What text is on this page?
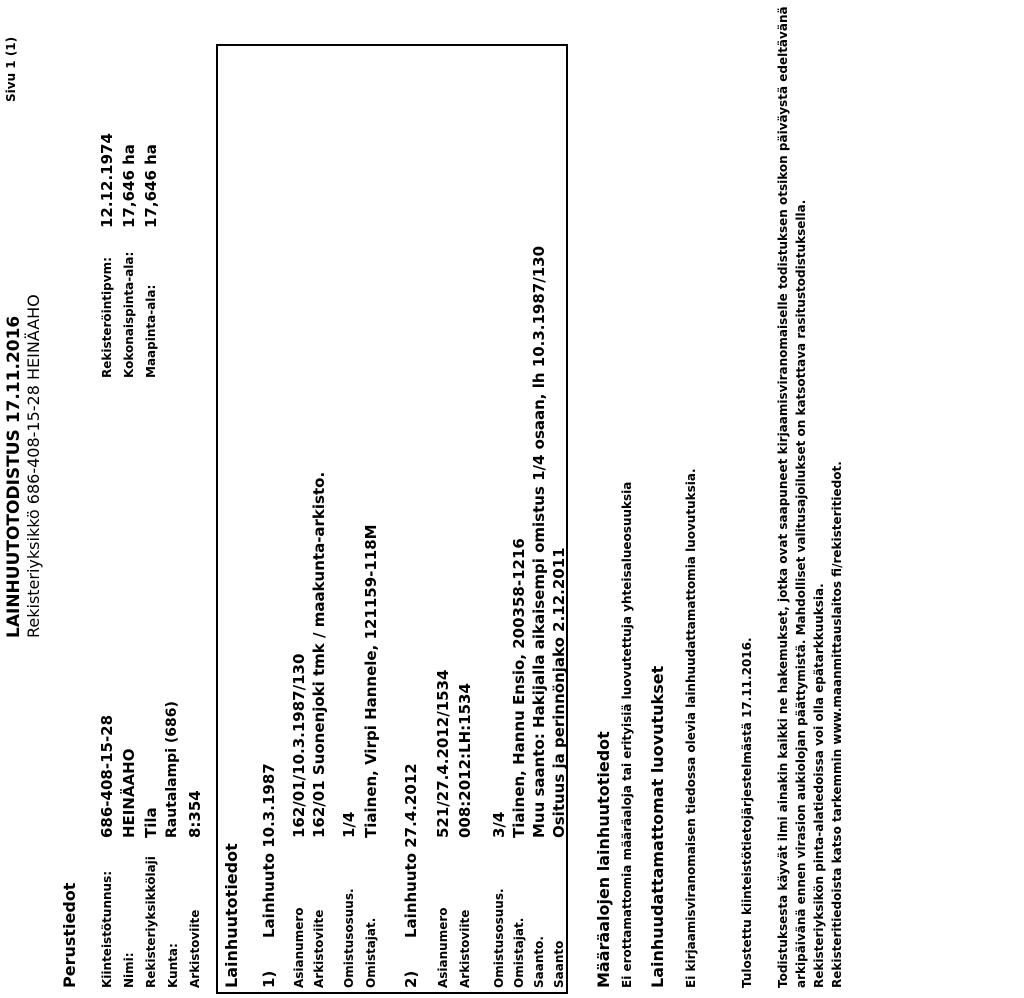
LAINHUUTOTODISTUS 17.11.2016 Rekisteriyksikkö 686-408-15-28 HEINÄAHO
Sivu 1 (1)
Perustiedot Kiinteistötunnus:
686-408-15-28
Nimi:
HEINÄAHO
Rekisteriyksikkölaji
Tila
Kunta:
Rautalampi (686)
Arkistoviite
8:354
Rekisteröintipvm:
12.12.1974
Kokonaispinta-ala:
17,646 ha
Maapinta-ala:
17,646 ha
Lainhuutotiedot 1)
Lainhuuto 10.3.1987
Asianumero
162/01/10.3.1987/130
Arkistoviite
162/01 Suonenjoki tmk / maakunta-arkisto.
Omistusosuus.
1/4
Omistajat.
Tiainen, Virpi Hannele, 121159-118M
2)
Lainhuuto 27.4.2012
Asianumero
521/27.4.2012/1534
Arkistoviite
008:2012:LH:1534
Omistusosuus.
3/4
Omistajat.
Tiainen, Hannu Ensio, 200358-1216
Saanto.
Muu saanto: Hakijalla aikaisempi omistus 1/4 osaan, lh 10.3.1987/130
Saanto
Osituus ja perinnönjako 2.12.2011
Määräalojen lainhuutotiedot Ei erottamattomia määräaloja tai erityisiä luovutettuja yhteisalueosuuksia Lainhuudattamattomat luovutukset Ei kirjaamisviranomaisen tiedossa olevia lainhuudattamattomia luovutuksia.	Tulostettu kiinteistötietojärjestelmästä 17.11.2016. Todistuksesta käyvät ilmi ainakin kaikki ne hakemukset, jotka ovat saapuneet kirjaamisviranomaiselle todistuksen otsikon päiväystä edeltävänä arkipäivänä ennen virasion aukiolojan päättymistä. Mahdolliset valitusajoilukset on katsottava rasitustodistuksella. Rekisteriyksikön pinta-alatiedoissa voi olla epätarkkuuksia. Rekisteritiedoista katso tarkemmin www.maanmittauslaitos fi/rekisteritiedot.
